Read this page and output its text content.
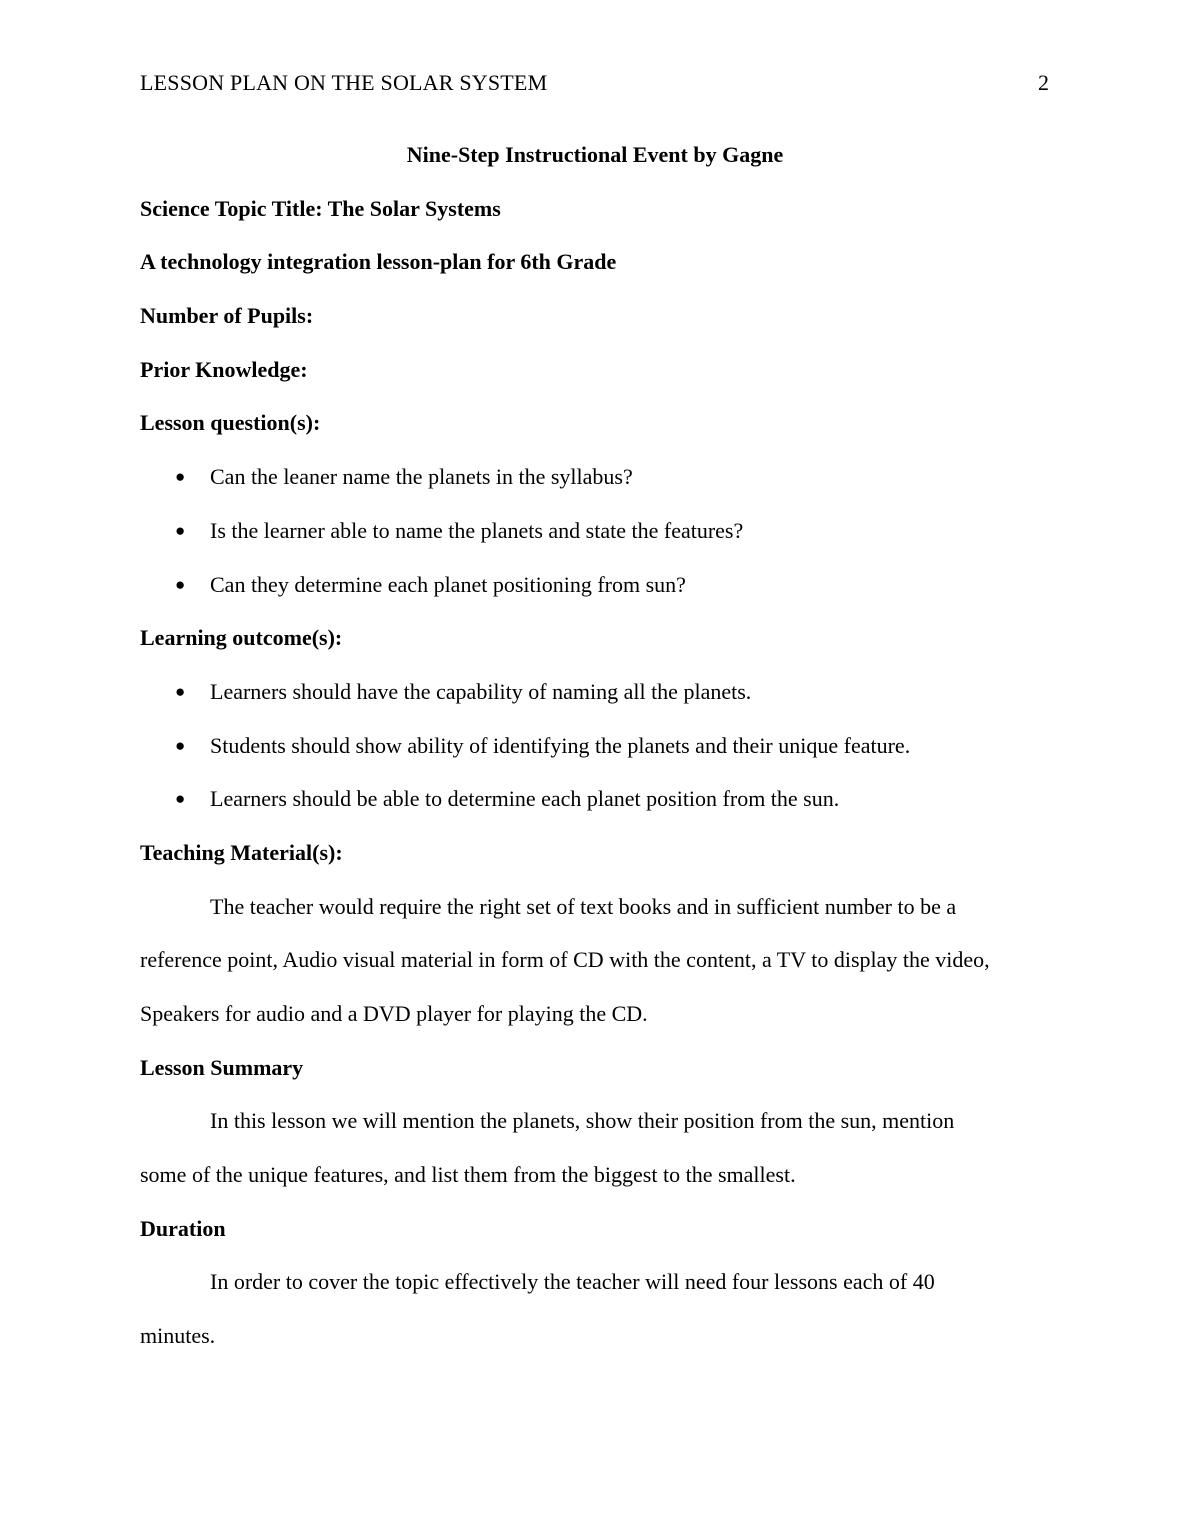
LESSON PLAN ON THE SOLAR SYSTEM	2
Nine-Step Instructional Event by Gagne
Science Topic Title: The Solar Systems
A technology integration lesson-plan for 6th Grade
Number of Pupils:
Prior Knowledge:
Lesson question(s):
●	Can the leaner name the planets in the syllabus?
●	Is the learner able to name the planets and state the features?
●	Can they determine each planet positioning from sun?
Learning outcome(s):
●	Learners should have the capability of naming all the planets.
●	Students should show ability of identifying the planets and their unique feature.
●	Learners should be able to determine each planet position from the sun.
Teaching Material(s):
The teacher would require the right set of text books and in sufficient number to be a
reference point, Audio visual material in form of CD with the content, a TV to display the video,
Speakers for audio and a DVD player for playing the CD.
Lesson Summary
In this lesson we will mention the planets, show their position from the sun, mention
some of the unique features, and list them from the biggest to the smallest.
Duration
In order to cover the topic effectively the teacher will need four lessons each of 40
minutes.
